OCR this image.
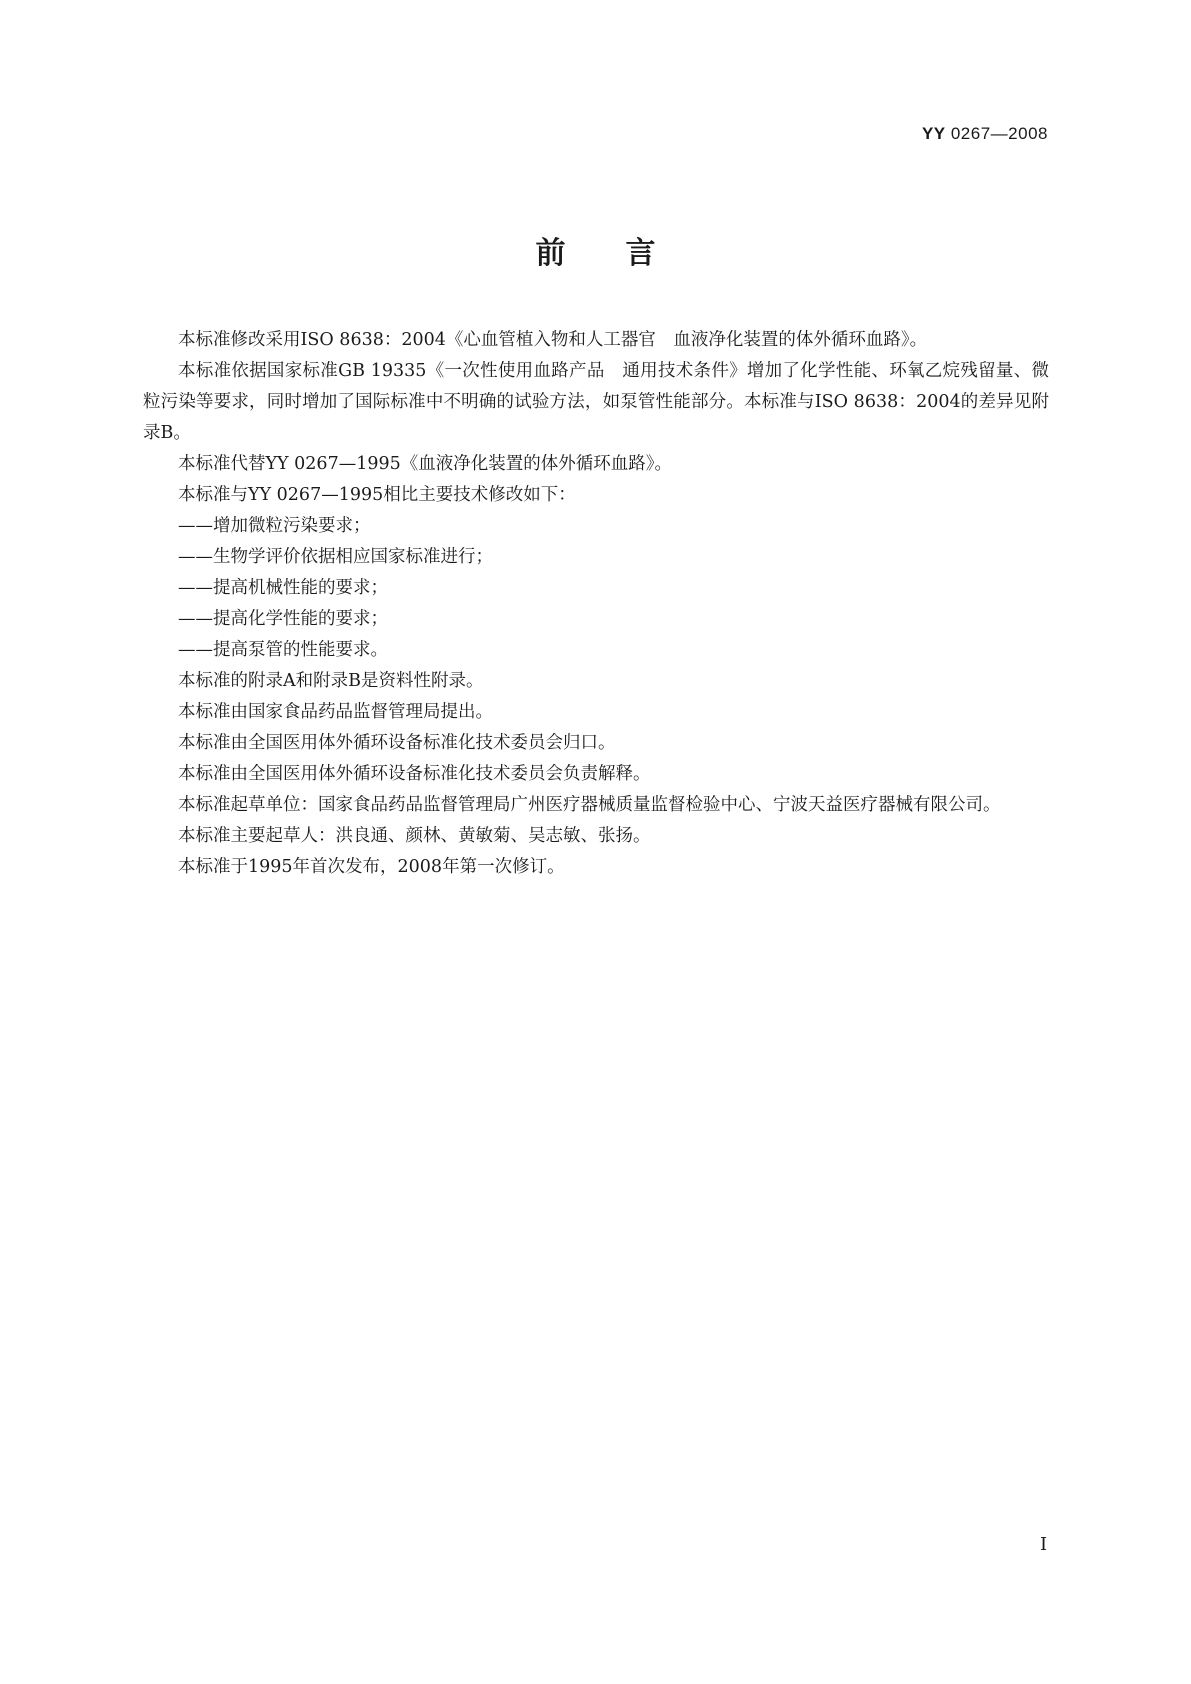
YY 0267—2008
前言

本标准修改采用ISO 8638：2004《心血管植入物和人工器官　血液净化装置的体外循环血路》。

本标准依据国家标准GB 19335《一次性使用血路产品　通用技术条件》增加了化学性能、环氧乙烷残留量、微粒污染等要求，同时增加了国际标准中不明确的试验方法，如泵管性能部分。本标准与ISO 8638：2004的差异见附录B。

本标准代替YY 0267—1995《血液净化装置的体外循环血路》。

本标准与YY 0267—1995相比主要技术修改如下：

——增加微粒污染要求；

——生物学评价依据相应国家标准进行；

——提高机械性能的要求；

——提高化学性能的要求；

——提高泵管的性能要求。

本标准的附录A和附录B是资料性附录。

本标准由国家食品药品监督管理局提出。

本标准由全国医用体外循环设备标准化技术委员会归口。

本标准由全国医用体外循环设备标准化技术委员会负责解释。

本标准起草单位：国家食品药品监督管理局广州医疗器械质量监督检验中心、宁波天益医疗器械有限公司。

本标准主要起草人：洪良通、颜林、黄敏菊、吴志敏、张扬。

本标准于1995年首次发布，2008年第一次修订。

I
